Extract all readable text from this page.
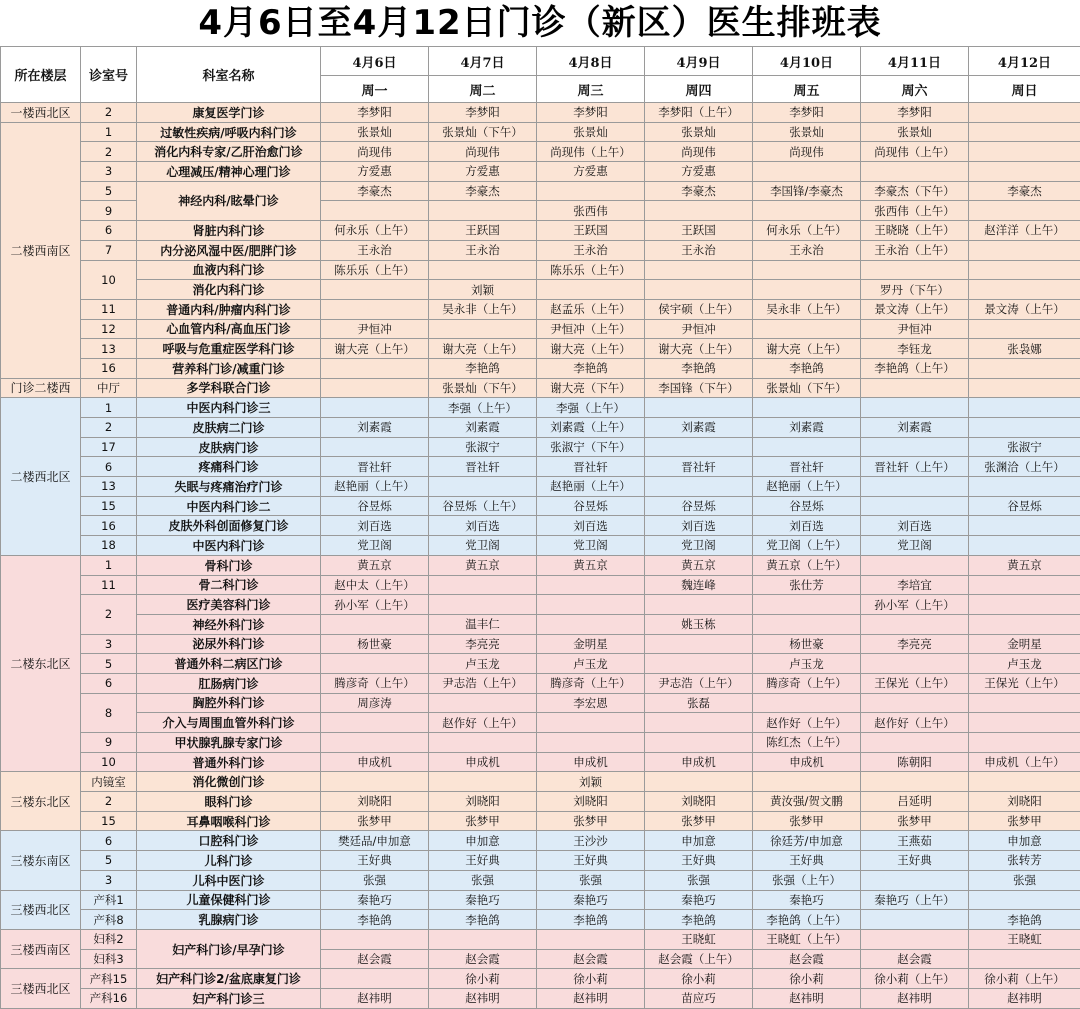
4月6日至4月12日门诊（新区）医生排班表
所在楼层	诊室号	科室名称	4月6日	4月7日	4月8日	4月9日	4月10日	4月11日	4月12日
			周一	周二	周三	周四	周五	周六	周日
一楼西北区	2	康复医学门诊	李梦阳	李梦阳	李梦阳	李梦阳（上午）	李梦阳	李梦阳	
二楼西南区	1	过敏性疾病/呼吸内科门诊	张景灿	张景灿（下午）	张景灿	张景灿	张景灿	张景灿	
	2	消化内科专家/乙肝治愈门诊	尚现伟	尚现伟	尚现伟（上午）	尚现伟	尚现伟	尚现伟（上午）	
	3	心理减压/精神心理门诊	方爱惠	方爱惠	方爱惠	方爱惠			
	5	神经内科/眩晕门诊	李豪杰	李豪杰		李豪杰	李国锋/李豪杰	李豪杰（下午）	李豪杰
	9				张西伟			张西伟（上午）	
	6	肾脏内科门诊	何永乐（上午）	王跃国	王跃国	王跃国	何永乐（上午）	王晓晓（上午）	赵洋洋（上午）
	7	内分泌风湿中医/肥胖门诊	王永治	王永治	王永治	王永治	王永治	王永治（上午）	
	10	血液内科门诊	陈乐乐（上午）		陈乐乐（上午）				
		消化内科门诊		刘颖				罗丹（下午）	
	11	普通内科/肿瘤内科门诊		吴永非（上午）	赵孟乐（上午）	侯宇硕（上午）	吴永非（上午）	景文涛（上午）	景文涛（上午）
	12	心血管内科/高血压门诊	尹恒冲		尹恒冲（上午）	尹恒冲		尹恒冲	
	13	呼吸与危重症医学科门诊	谢大亮（上午）	谢大亮（上午）	谢大亮（上午）	谢大亮（上午）	谢大亮（上午）	李钰龙	张袅娜
	16	营养科门诊/减重门诊		李艳鸽	李艳鸽	李艳鸽	李艳鸽	李艳鸽（上午）	
门诊二楼西	中厅	多学科联合门诊		张景灿（下午）	谢大亮（下午）	李国锋（下午）	张景灿（下午）		
二楼西北区	1	中医内科门诊三		李强（上午）	李强（上午）				
	2	皮肤病二门诊	刘素霞	刘素霞	刘素霞（上午）	刘素霞	刘素霞	刘素霞	
	17	皮肤病门诊		张淑宁	张淑宁（下午）				张淑宁
	6	疼痛科门诊	晋社轩	晋社轩	晋社轩	晋社轩	晋社轩	晋社轩（上午）	张渊洽（上午）
	13	失眠与疼痛治疗门诊	赵艳丽（上午）		赵艳丽（上午）		赵艳丽（上午）		
	15	中医内科门诊二	谷昱烁	谷昱烁（上午）	谷昱烁	谷昱烁	谷昱烁		谷昱烁
	16	皮肤外科创面修复门诊	刘百选	刘百选	刘百选	刘百选	刘百选	刘百选	
	18	中医内科门诊	党卫阁	党卫阁	党卫阁	党卫阁	党卫阁（上午）	党卫阁	
二楼东北区	1	骨科门诊	黄五京	黄五京	黄五京	黄五京	黄五京（上午）		黄五京
	11	骨二科门诊	赵中太（上午）			魏连峰	张仕芳	李培宜	
	2	医疗美容科门诊	孙小军（上午）					孙小军（上午）	
		神经外科门诊		温丰仁		姚玉栋			
	3	泌尿外科门诊	杨世豪	李亮亮	金明星		杨世豪	李亮亮	金明星
	5	普通外科二病区门诊		卢玉龙	卢玉龙		卢玉龙		卢玉龙
	6	肛肠病门诊	腾彦奇（上午）	尹志浩（上午）	腾彦奇（上午）	尹志浩（上午）	腾彦奇（上午）	王保光（上午）	王保光（上午）
	8	胸腔外科门诊	周彦涛		李宏恩	张磊			
		介入与周围血管外科门诊		赵作好（上午）			赵作好（上午）	赵作好（上午）	
	9	甲状腺乳腺专家门诊					陈红杰（上午）		
	10	普通外科门诊	申成机	申成机	申成机	申成机	申成机	陈朝阳	申成机（上午）
三楼东北区	内镜室	消化微创门诊			刘颖				
	2	眼科门诊	刘晓阳	刘晓阳	刘晓阳	刘晓阳	黄汝强/贺文鹏	吕延明	刘晓阳
	15	耳鼻咽喉科门诊	张梦甲	张梦甲	张梦甲	张梦甲	张梦甲	张梦甲	张梦甲
三楼东南区	6	口腔科门诊	樊廷品/申加意	申加意	王沙沙	申加意	徐廷芳/申加意	王燕茹	申加意
	5	儿科门诊	王好典	王好典	王好典	王好典	王好典	王好典	张转芳
	3	儿科中医门诊	张强	张强	张强	张强	张强（上午）		张强
三楼西北区	产科1	儿童保健科门诊	秦艳巧	秦艳巧	秦艳巧	秦艳巧	秦艳巧	秦艳巧（上午）	
	产科8	乳腺病门诊	李艳鸽	李艳鸽	李艳鸽	李艳鸽	李艳鸽（上午）		李艳鸽
三楼西南区	妇科2	妇产科门诊/早孕门诊				王晓虹	王晓虹（上午）		王晓虹
	妇科3		赵会霞	赵会霞	赵会霞	赵会霞（上午）	赵会霞	赵会霞	
三楼西北区	产科15	妇产科门诊2/盆底康复门诊		徐小莉	徐小莉	徐小莉	徐小莉	徐小莉（上午）	徐小莉（上午）
	产科16	妇产科门诊三	赵祎明	赵祎明	赵祎明	苗应巧	赵祎明	赵祎明	赵祎明
